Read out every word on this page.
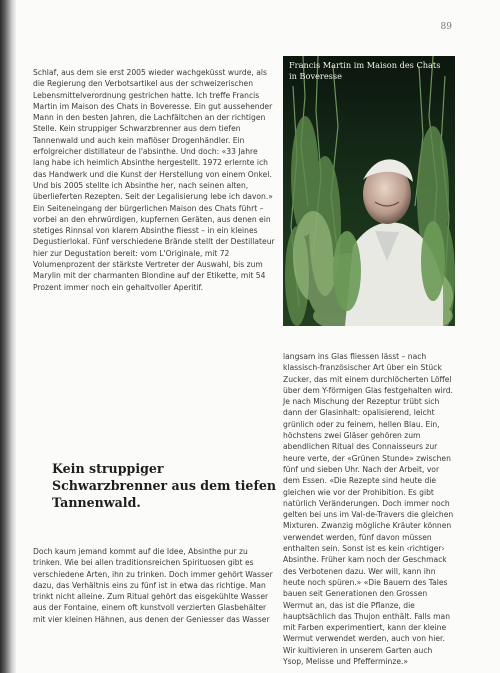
89

Schlaf, aus dem sie erst 2005 wieder wachgeküsst wurde, als die Regierung den Verbotsartikel aus der schweizerischen Lebensmittelverordnung gestrichen hatte. Ich treffe Francis Martin im Maison des Chats in Boveresse. Ein gut aussehender Mann in den besten Jahren, die Lachfältchen an der richtigen Stelle. Kein struppiger Schwarzbrenner aus dem tiefen Tannenwald und auch kein mafiöser Drogenhändler. Ein erfolgreicher distillateur de l'absinthe. Und doch: «33 Jahre lang habe ich heimlich Absinthe hergestellt. 1972 erlernte ich das Handwerk und die Kunst der Herstellung von einem Onkel. Und bis 2005 stellte ich Absinthe her, nach seinen alten, überlieferten Rezepten. Seit der Legalisierung lebe ich davon.» Ein Seiteneingang der bürgerlichen Maison des Chats führt – vorbei an den ehrwürdigen, kupfernen Geräten, aus denen ein stetiges Rinnsal von klarem Absinthe fliesst – in ein kleines Degustierlokal. Fünf verschiedene Brände stellt der Destillateur hier zur Degustation bereit: vom L'Originale, mit 72 Volumenprozent der stärkste Vertreter der Auswahl, bis zum Marylin mit der charmanten Blondine auf der Etikette, mit 54 Prozent immer noch ein gehaltvoller Aperitif.

Francis Martin im Maison des Chats in Boveresse

langsam ins Glas fliessen lässt – nach klassisch-französischer Art über ein Stück Zucker, das mit einem durchlöcherten Löffel über dem Y-förmigen Glas festgehalten wird. Je nach Mischung der Rezeptur trübt sich dann der Glasinhalt: opalisierend, leicht grünlich oder zu feinem, hellen Blau. Ein, höchstens zwei Gläser gehören zum abendlichen Ritual des Connaisseurs zur heure verte, der «Grünen Stunde» zwischen fünf und sieben Uhr. Nach der Arbeit, vor dem Essen. «Die Rezepte sind heute die gleichen wie vor der Prohibition. Es gibt natürlich Veränderungen. Doch immer noch gelten bei uns im Val-de-Travers die gleichen Mixturen. Zwanzig mögliche Kräuter können verwendet werden, fünf davon müssen enthalten sein. Sonst ist es kein ‹richtiger› Absinthe. Früher kam noch der Geschmack des Verbotenen dazu. Wer will, kann ihn heute noch spüren.» «Die Bauern des Tales bauen seit Generationen den Grossen Wermut an, das ist die Pflanze, die hauptsächlich das Thujon enthält. Falls man mit Farben experimentiert, kann der kleine Wermut verwendet werden, auch von hier. Wir kultivieren in unserem Garten auch Ysop, Melisse und Pfefferminze.»

Kein struppiger Schwarzbrenner aus dem tiefen Tannenwald.

Doch kaum jemand kommt auf die Idee, Absinthe pur zu trinken. Wie bei allen traditionsreichen Spirituosen gibt es verschiedene Arten, ihn zu trinken. Doch immer gehört Wasser dazu, das Verhältnis eins zu fünf ist in etwa das richtige. Man trinkt nicht alleine. Zum Ritual gehört das eisgekühlte Wasser aus der Fontaine, einem oft kunstvoll verzierten Glasbehälter mit vier kleinen Hähnen, aus denen der Geniesser das Wasser
